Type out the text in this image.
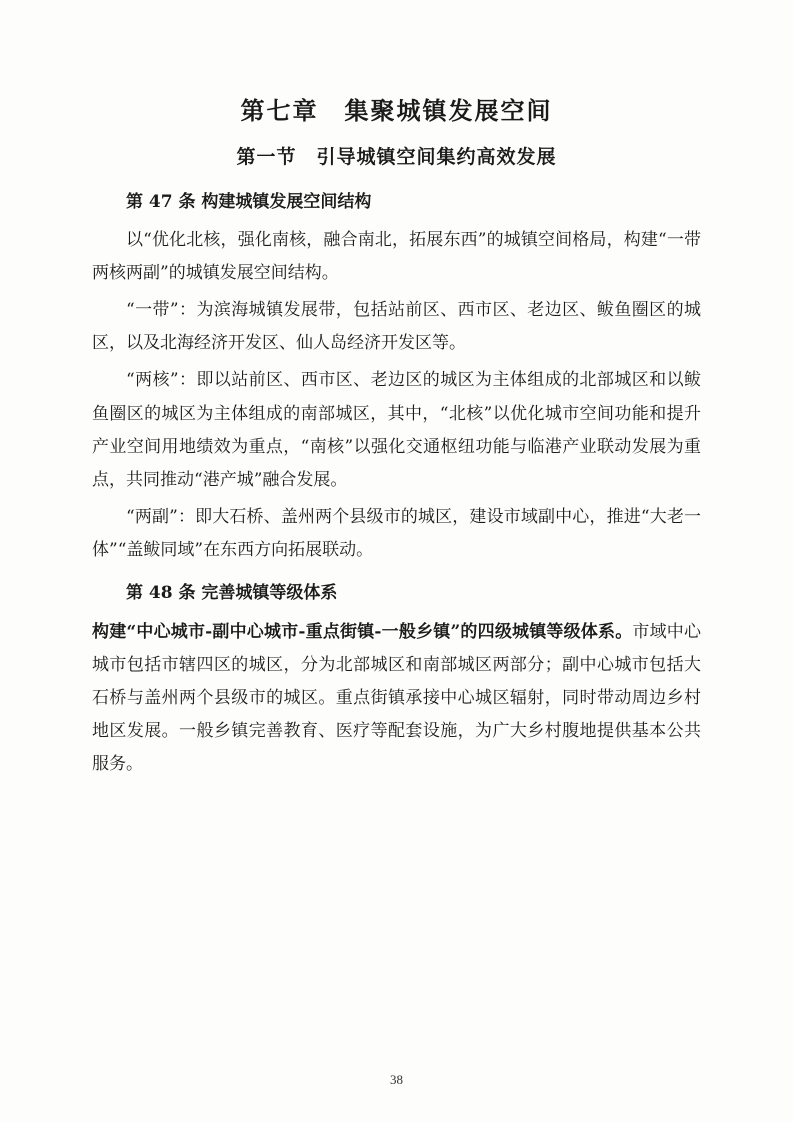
第七章　集聚城镇发展空间
第一节　引导城镇空间集约高效发展
第 47 条 构建城镇发展空间结构

以“优化北核，强化南核，融合南北，拓展东西”的城镇空间格局，构建“一带两核两副”的城镇发展空间结构。

“一带”：为滨海城镇发展带，包括站前区、西市区、老边区、鲅鱼圈区的城区，以及北海经济开发区、仙人岛经济开发区等。

“两核”：即以站前区、西市区、老边区的城区为主体组成的北部城区和以鲅鱼圈区的城区为主体组成的南部城区，其中，“北核”以优化城市空间功能和提升产业空间用地绩效为重点，“南核”以强化交通枢纽功能与临港产业联动发展为重点，共同推动“港产城”融合发展。

“两副”：即大石桥、盖州两个县级市的城区，建设市域副中心，推进“大老一体”“盖鲅同域”在东西方向拓展联动。

第 48 条 完善城镇等级体系

构建“中心城市-副中心城市-重点街镇-一般乡镇”的四级城镇等级体系。市域中心城市包括市辖四区的城区，分为北部城区和南部城区两部分；副中心城市包括大石桥与盖州两个县级市的城区。重点街镇承接中心城区辐射，同时带动周边乡村地区发展。一般乡镇完善教育、医疗等配套设施，为广大乡村腹地提供基本公共服务。

38
